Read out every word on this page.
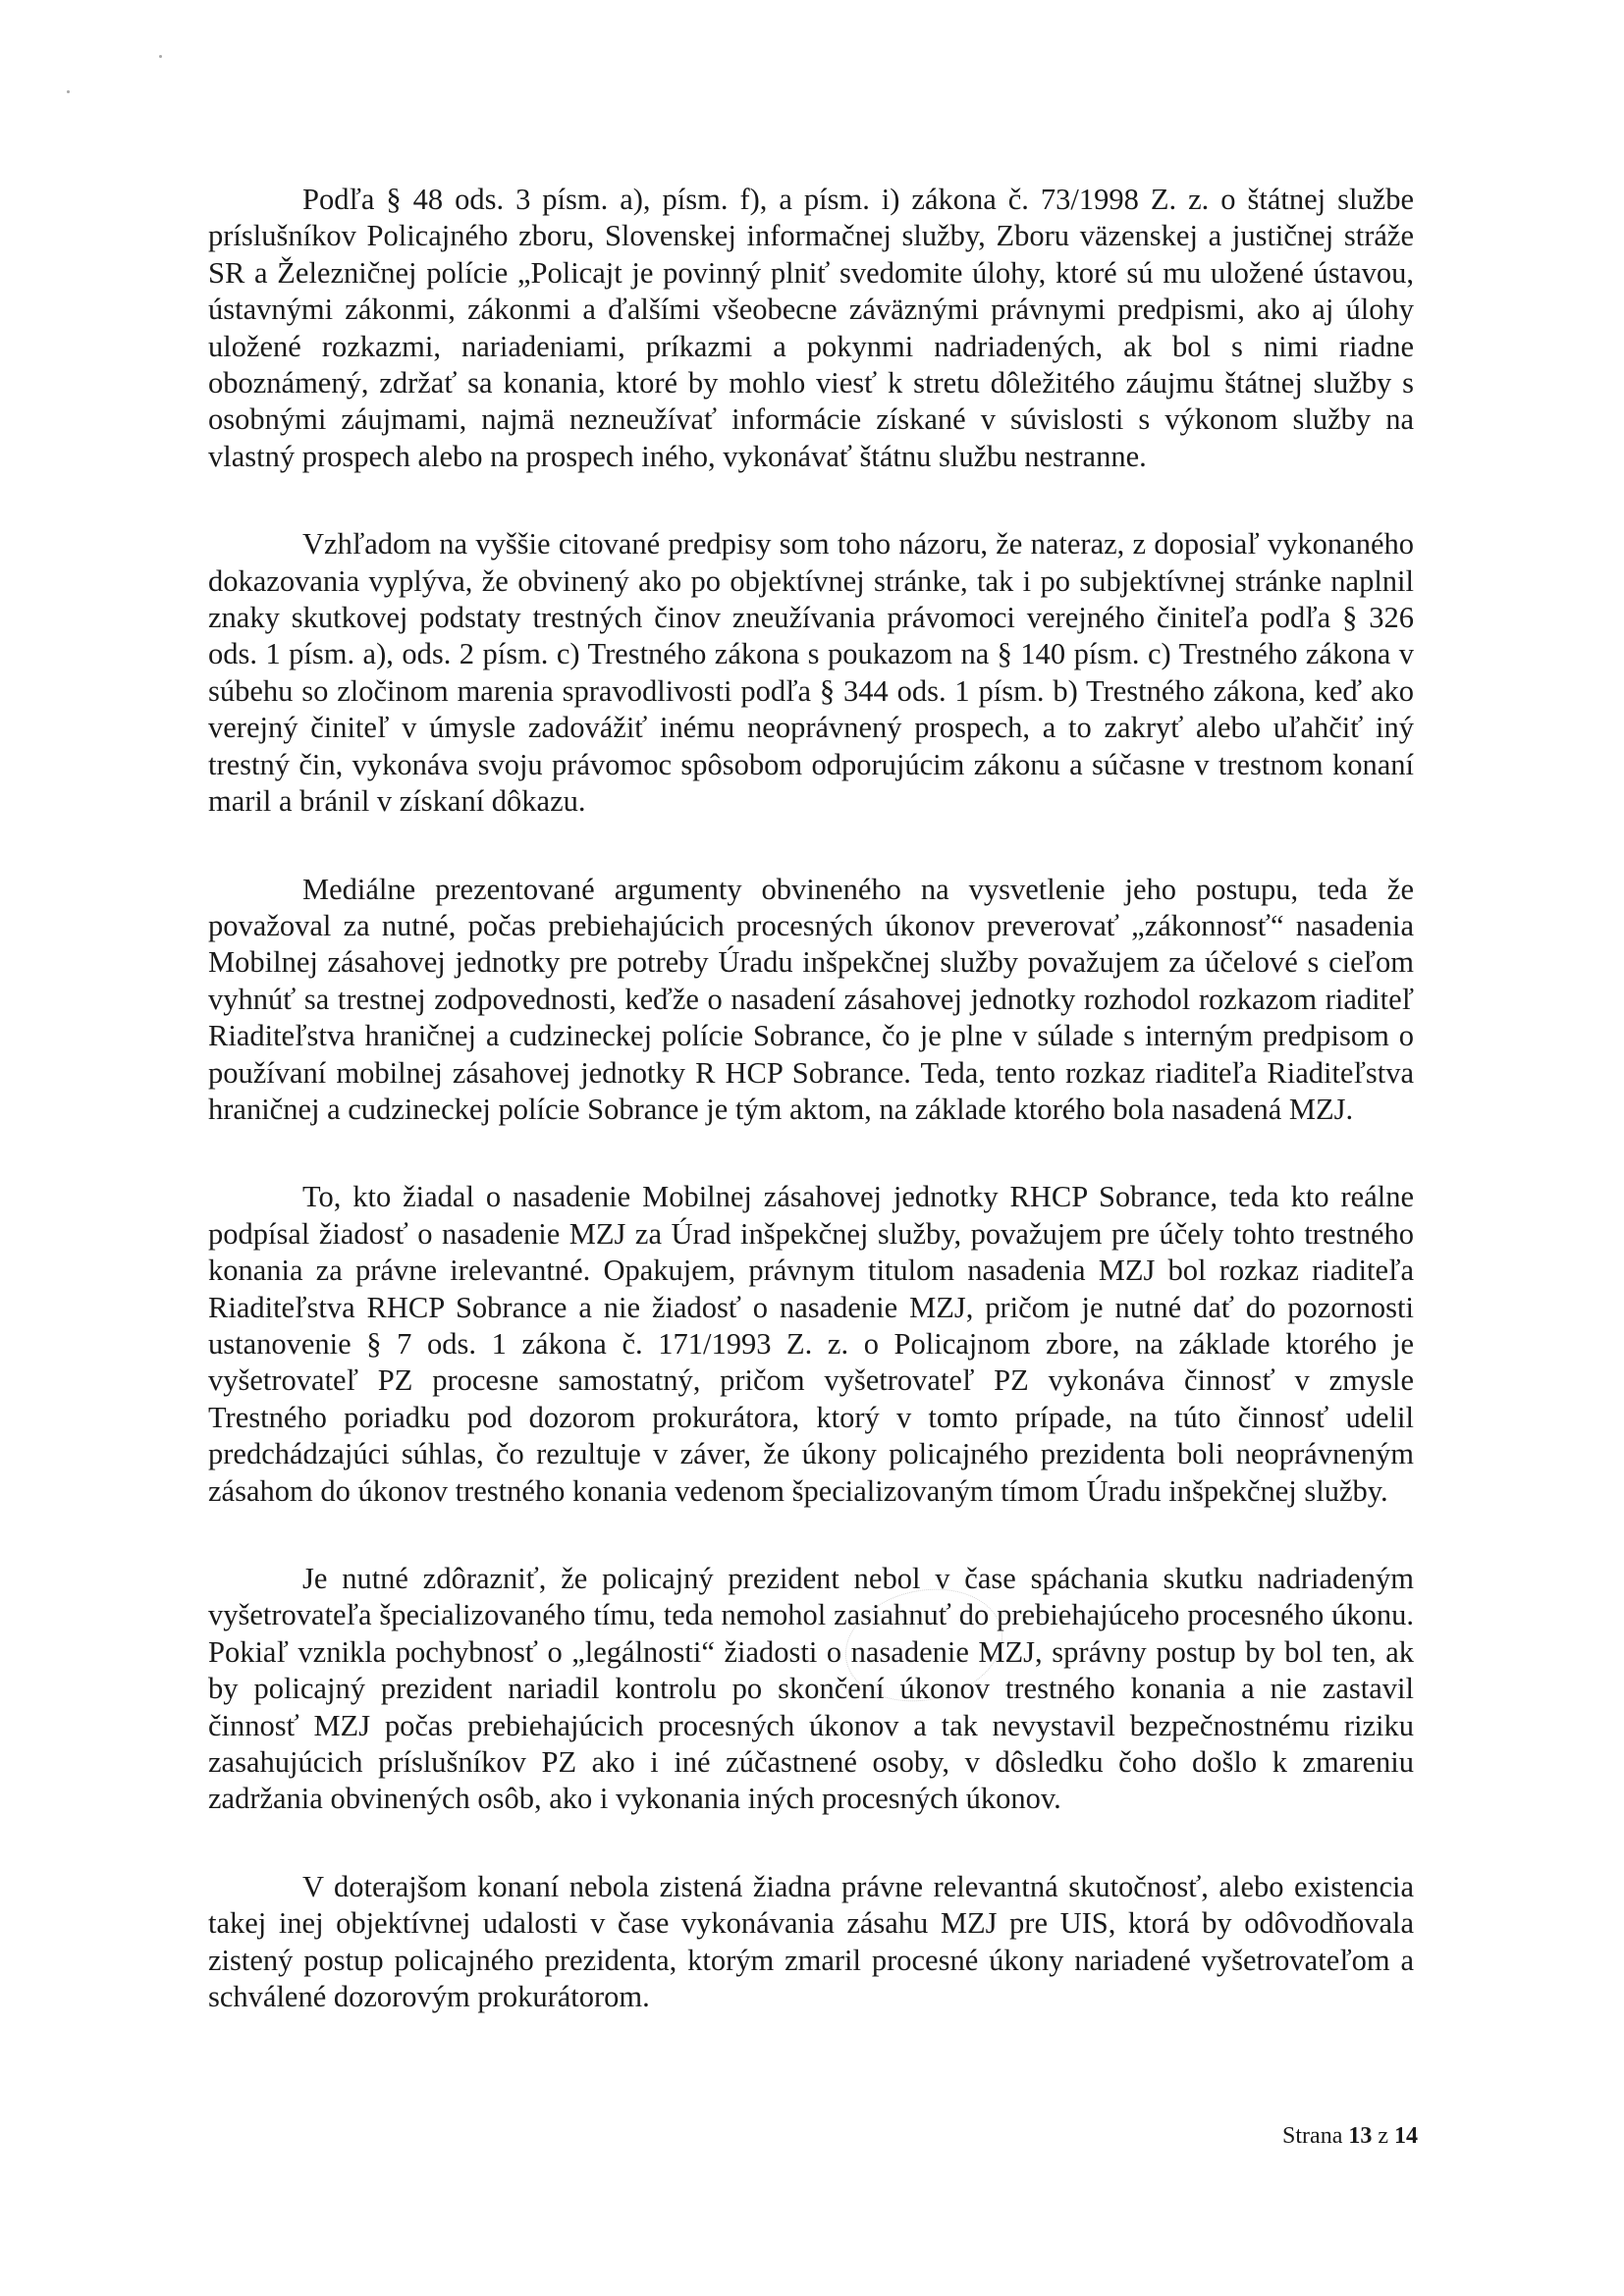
Podľa § 48 ods. 3 písm. a), písm. f), a písm. i) zákona č. 73/1998 Z. z. o štátnej službe príslušníkov Policajného zboru, Slovenskej informačnej služby, Zboru väzenskej a justičnej stráže SR a Železničnej polície „Policajt je povinný plniť svedomite úlohy, ktoré sú mu uložené ústavou, ústavnými zákonmi, zákonmi a ďalšími všeobecne záväznými právnymi predpismi, ako aj úlohy uložené rozkazmi, nariadeniami, príkazmi a pokynmi nadriadených, ak bol s nimi riadne oboznámený, zdržať sa konania, ktoré by mohlo viesť k stretu dôležitého záujmu štátnej služby s osobnými záujmami, najmä nezneužívať informácie získané v súvislosti s výkonom služby na vlastný prospech alebo na prospech iného, vykonávať štátnu službu nestranne.

Vzhľadom na vyššie citované predpisy som toho názoru, že nateraz, z doposiaľ vykonaného dokazovania vyplýva, že obvinený ako po objektívnej stránke, tak i po subjektívnej stránke naplnil znaky skutkovej podstaty trestných činov zneužívania právomoci verejného činiteľa podľa § 326 ods. 1 písm. a), ods. 2 písm. c) Trestného zákona s poukazom na § 140 písm. c) Trestného zákona v súbehu so zločinom marenia spravodlivosti podľa § 344 ods. 1 písm. b) Trestného zákona, keď ako verejný činiteľ v úmysle zadovážiť inému neoprávnený prospech, a to zakryť alebo uľahčiť iný trestný čin, vykonáva svoju právomoc spôsobom odporujúcim zákonu a súčasne v trestnom konaní maril a bránil v získaní dôkazu.

Mediálne prezentované argumenty obvineného na vysvetlenie jeho postupu, teda že považoval za nutné, počas prebiehajúcich procesných úkonov preverovať „zákonnosť“ nasadenia Mobilnej zásahovej jednotky pre potreby Úradu inšpekčnej služby považujem za účelové s cieľom vyhnúť sa trestnej zodpovednosti, keďže o nasadení zásahovej jednotky rozhodol rozkazom riaditeľ Riaditeľstva hraničnej a cudzineckej polície Sobrance, čo je plne v súlade s interným predpisom o používaní mobilnej zásahovej jednotky R HCP Sobrance. Teda, tento rozkaz riaditeľa Riaditeľstva hraničnej a cudzineckej polície Sobrance je tým aktom, na základe ktorého bola nasadená MZJ.

To, kto žiadal o nasadenie Mobilnej zásahovej jednotky RHCP Sobrance, teda kto reálne podpísal žiadosť o nasadenie MZJ za Úrad inšpekčnej služby, považujem pre účely tohto trestného konania za právne irelevantné. Opakujem, právnym titulom nasadenia MZJ bol rozkaz riaditeľa Riaditeľstva RHCP Sobrance a nie žiadosť o nasadenie MZJ, pričom je nutné dať do pozornosti ustanovenie § 7 ods. 1 zákona č. 171/1993 Z. z. o Policajnom zbore, na základe ktorého je vyšetrovateľ PZ procesne samostatný, pričom vyšetrovateľ PZ vykonáva činnosť v zmysle Trestného poriadku pod dozorom prokurátora, ktorý v tomto prípade, na túto činnosť udelil predchádzajúci súhlas, čo rezultuje v záver, že úkony policajného prezidenta boli neoprávneným zásahom do úkonov trestného konania vedenom špecializovaným tímom Úradu inšpekčnej služby.

Je nutné zdôrazniť, že policajný prezident nebol v čase spáchania skutku nadriadeným vyšetrovateľa špecializovaného tímu, teda nemohol zasiahnuť do prebiehajúceho procesného úkonu. Pokiaľ vznikla pochybnosť o „legálnosti“ žiadosti o nasadenie MZJ, správny postup by bol ten, ak by policajný prezident nariadil kontrolu po skončení úkonov trestného konania a nie zastavil činnosť MZJ počas prebiehajúcich procesných úkonov a tak nevystavil bezpečnostnému riziku zasahujúcich príslušníkov PZ ako i iné zúčastnené osoby, v dôsledku čoho došlo k zmareniu zadržania obvinených osôb, ako i vykonania iných procesných úkonov.

V doterajšom konaní nebola zistená žiadna právne relevantná skutočnosť, alebo existencia takej inej objektívnej udalosti v čase vykonávania zásahu MZJ pre UIS, ktorá by odôvodňovala zistený postup policajného prezidenta, ktorým zmaril procesné úkony nariadené vyšetrovateľom a schválené dozorovým prokurátorom.

Strana 13 z 14
